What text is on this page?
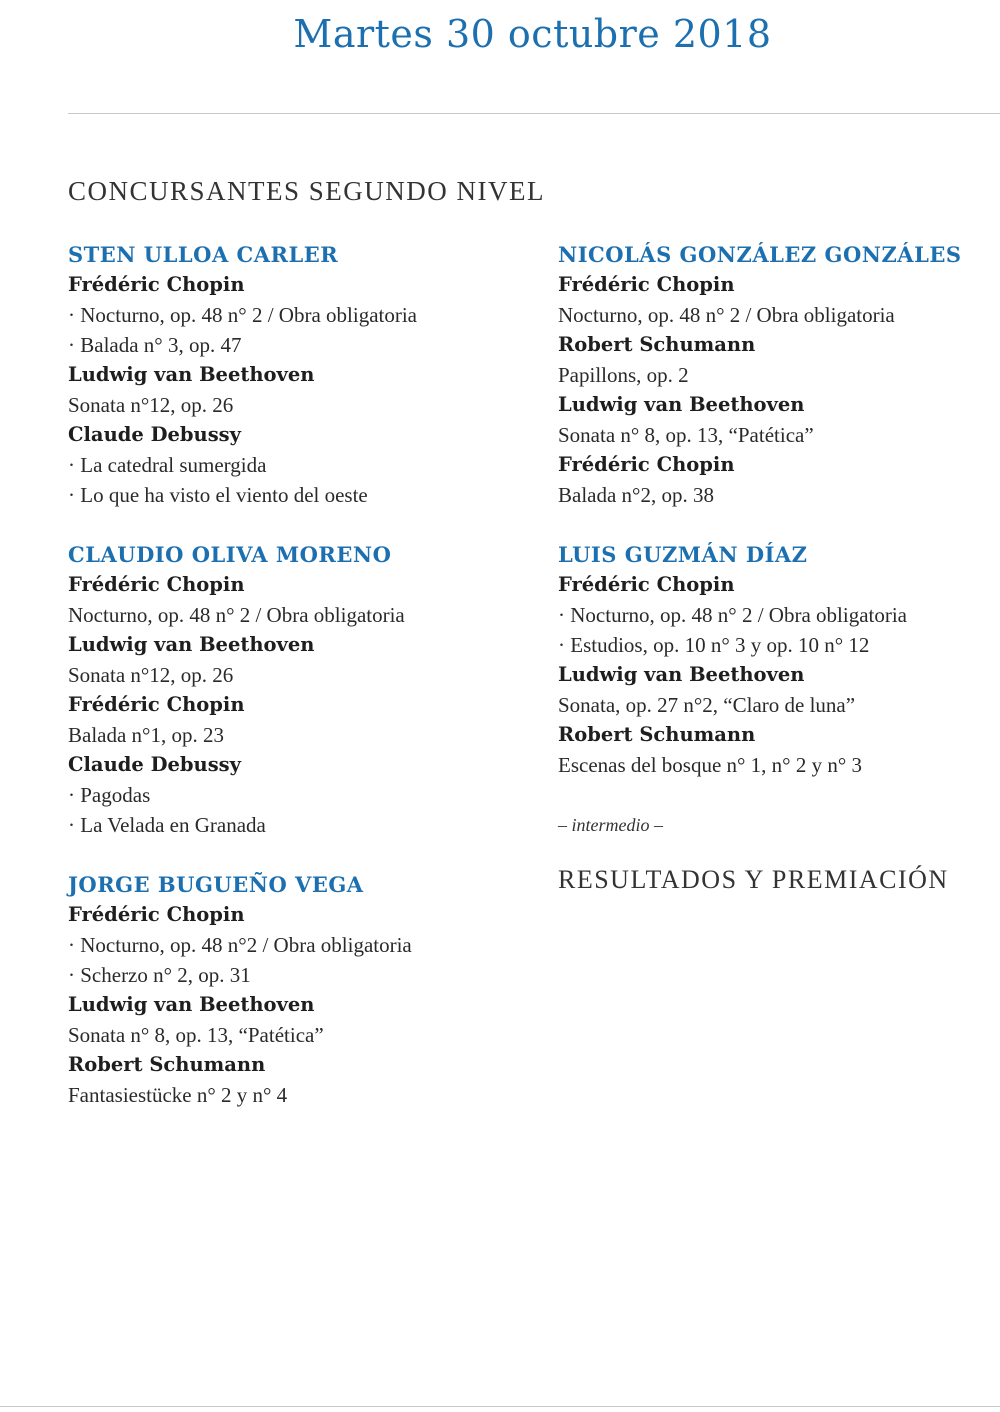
Martes 30 octubre 2018
CONCURSANTES SEGUNDO NIVEL
STEN ULLOA CARLER
Frédéric Chopin
· Nocturno, op. 48 n° 2 / Obra obligatoria
· Balada n° 3, op. 47
Ludwig van Beethoven
Sonata n°12, op. 26
Claude Debussy
· La catedral sumergida
· Lo que ha visto el viento del oeste
CLAUDIO OLIVA MORENO
Frédéric Chopin
Nocturno, op. 48 n° 2 / Obra obligatoria
Ludwig van Beethoven
Sonata n°12, op. 26
Frédéric Chopin
Balada n°1, op. 23
Claude Debussy
· Pagodas
· La Velada en Granada
JORGE BUGUEÑO VEGA
Frédéric Chopin
· Nocturno, op. 48 n°2 / Obra obligatoria
· Scherzo n° 2, op. 31
Ludwig van Beethoven
Sonata n° 8, op. 13, “Patética”
Robert Schumann
Fantasiestücke n° 2 y n° 4
NICOLÁS GONZÁLEZ GONZÁLES
Frédéric Chopin
Nocturno, op. 48 n° 2 / Obra obligatoria
Robert Schumann
Papillons, op. 2
Ludwig van Beethoven
Sonata n° 8, op. 13, “Patética”
Frédéric Chopin
Balada n°2, op. 38
LUIS GUZMÁN DÍAZ
Frédéric Chopin
· Nocturno, op. 48 n° 2 / Obra obligatoria
· Estudios, op. 10 n° 3 y op. 10 n° 12
Ludwig van Beethoven
Sonata, op. 27 n°2, “Claro de luna”
Robert Schumann
Escenas del bosque n° 1, n° 2 y n° 3
– intermedio –
RESULTADOS Y PREMIACIÓN
